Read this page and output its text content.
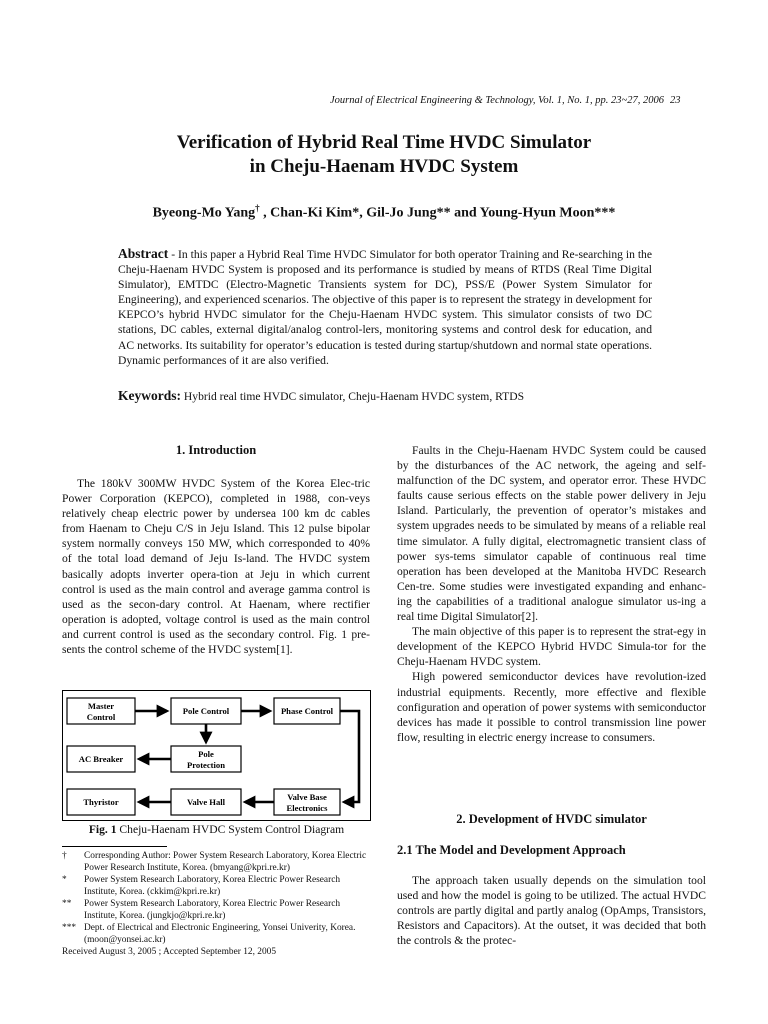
Journal of Electrical Engineering & Technology, Vol. 1, No. 1, pp. 23~27, 2006 23
Verification of Hybrid Real Time HVDC Simulator
in Cheju-Haenam HVDC System
Byeong-Mo Yang† , Chan-Ki Kim*, Gil-Jo Jung** and Young-Hyun Moon***
Abstract - In this paper a Hybrid Real Time HVDC Simulator for both operator Training and Re-searching in the Cheju-Haenam HVDC System is proposed and its performance is studied by means of RTDS (Real Time Digital Simulator), EMTDC (Electro-Magnetic Transients system for DC), PSS/E (Power System Simulator for Engineering), and experienced scenarios. The objective of this paper is to represent the strategy in development for KEPCO’s hybrid HVDC simulator for the Cheju-Haenam HVDC system. This simulator consists of two DC stations, DC cables, external digital/analog control-lers, monitoring systems and control desk for education, and AC networks. Its suitability for operator’s education is tested during startup/shutdown and normal state operations. Dynamic performances of it are also verified.
Keywords: Hybrid real time HVDC simulator, Cheju-Haenam HVDC system, RTDS
1. Introduction

The 180kV 300MW HVDC System of the Korea Elec-tric Power Corporation (KEPCO), completed in 1988, con-veys relatively cheap electric power by undersea 100 km dc cables from Haenam to Cheju C/S in Jeju Island. This 12 pulse bipolar system normally conveys 150 MW, which corresponded to 40% of the total load demand of Jeju Is-land. The HVDC system basically adopts inverter opera-tion at Jeju in which current control is used as the main control and average gamma control is used as the secon-dary control. At Haenam, where rectifier operation is adopted, voltage control is used as the main control and current control is used as the secondary control. Fig. 1 pre-sents the control scheme of the HVDC system[1].

Master
Control
Pole Control	Phase Control
AC Breaker	Pole
Protection
Thyristor	Valve Hall	Valve Base
Electronics
Fig. 1 Cheju-Haenam HVDC System Control Diagram
†	Corresponding Author: Power System Research Laboratory, Korea Electric Power Research Institute, Korea. (bmyang@kpri.re.kr)
*	Power System Research Laboratory, Korea Electric Power Research Institute, Korea. (ckkim@kpri.re.kr)
**	Power System Research Laboratory, Korea Electric Power Research Institute, Korea. (jungkjo@kpri.re.kr)
*** Dept. of Electrical and Electronic Engineering, Yonsei Univerity, Korea. (moon@yonsei.ac.kr)
Received August 3, 2005 ; Accepted September 12, 2005

Faults in the Cheju-Haenam HVDC System could be caused by the disturbances of the AC network, the ageing and self-malfunction of the DC system, and operator error. These HVDC faults cause serious effects on the stable power delivery in Jeju Island. Particularly, the prevention of operator’s mistakes and system upgrades needs to be simulated by means of a reliable real time simulator. A fully digital, electromagnetic transient class of power sys-tems simulator capable of continuous real time operation has been developed at the Manitoba HVDC Research Cen-tre. Some studies were investigated expanding and enhanc-ing the capabilities of a traditional analogue simulator us-ing a real time Digital Simulator[2].

The main objective of this paper is to represent the strat-egy in development of the KEPCO Hybrid HVDC Simula-tor for the Cheju-Haenam HVDC system.

High powered semiconductor devices have revolution-ized industrial equipments. Recently, more effective and flexible configuration and operation of power systems with semiconductor devices has made it possible to control transmission line power flow, resulting in electric energy increase to consumers.

2. Development of HVDC simulator
2.1 The Model and Development Approach

The approach taken usually depends on the simulation tool used and how the model is going to be utilized. The actual HVDC controls are partly digital and partly analog (OpAmps, Transistors, Resistors and Capacitors). At the outset, it was decided that both the controls & the protec-
